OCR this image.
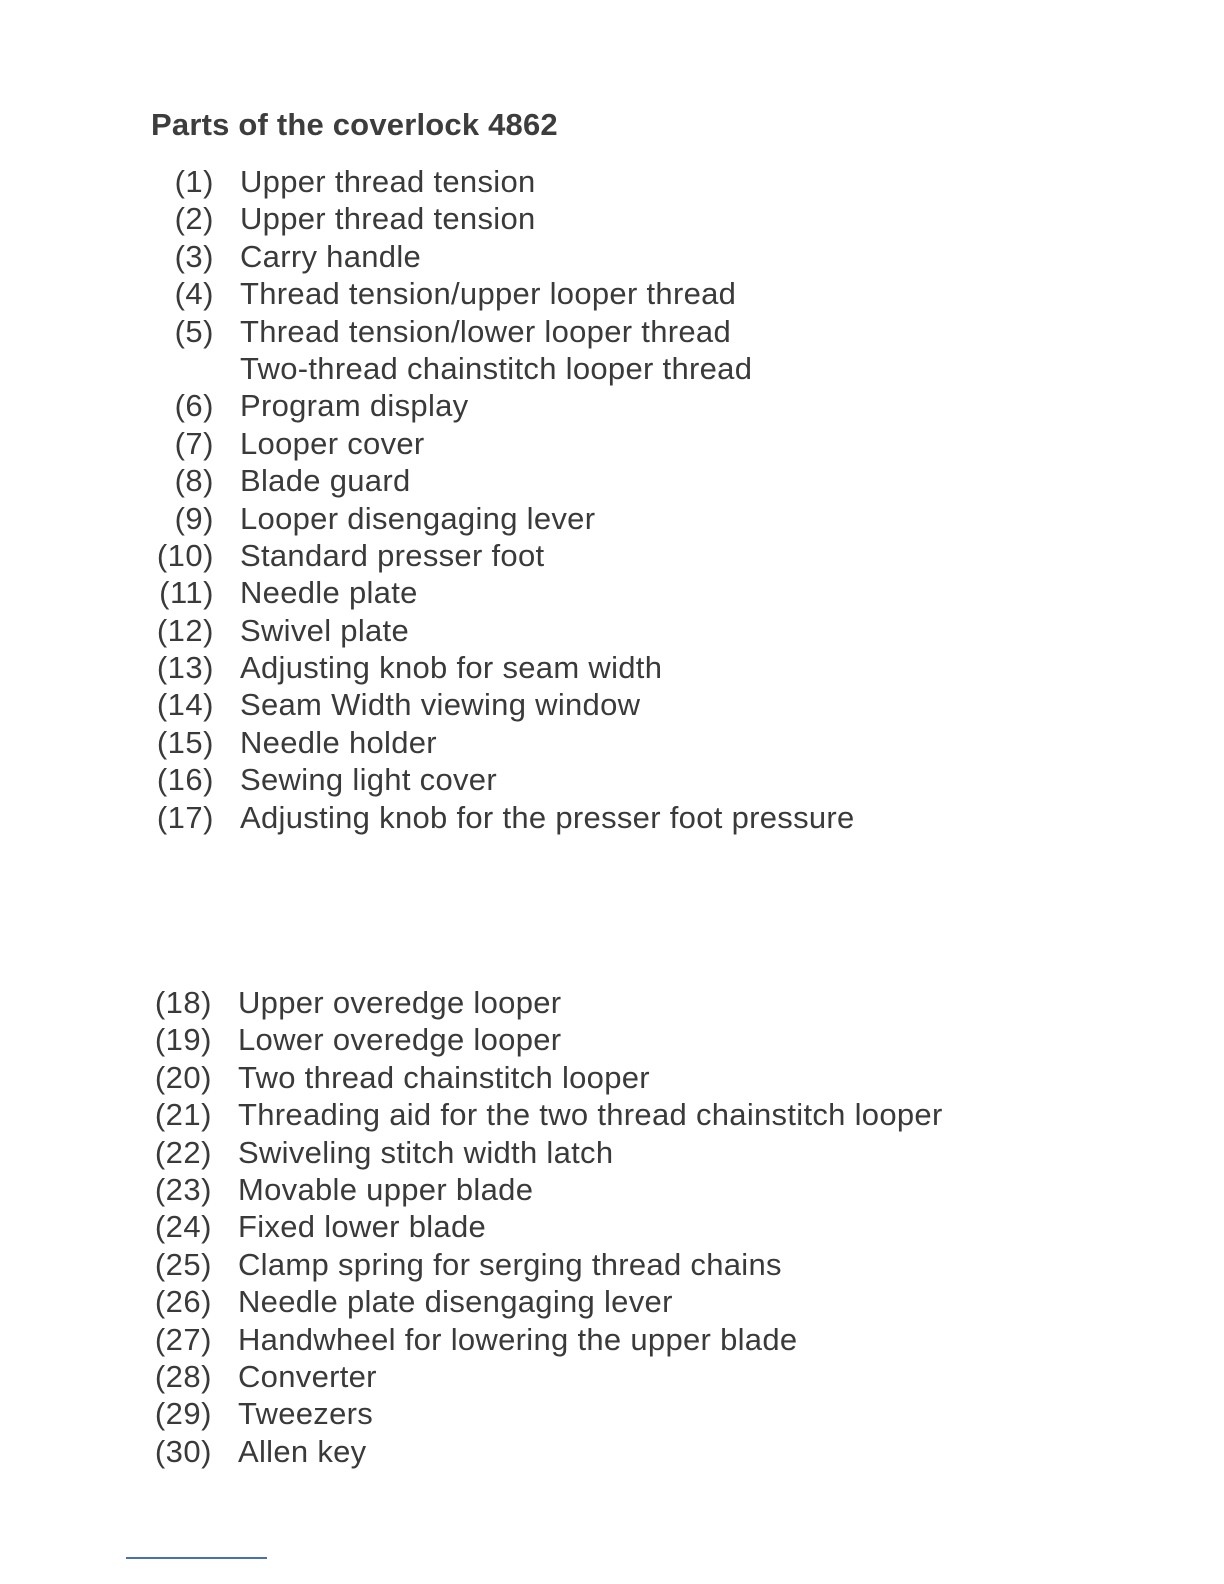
Parts of the coverlock 4862
(1) Upper thread tension
(2) Upper thread tension
(3) Carry handle
(4) Thread tension/upper looper thread
(5) Thread tension/lower looper thread
Two-thread chainstitch looper thread
(6) Program display
(7) Looper cover
(8) Blade guard
(9) Looper disengaging lever
(10) Standard presser foot
(11) Needle plate
(12) Swivel plate
(13) Adjusting knob for seam width
(14) Seam Width viewing window
(15) Needle holder
(16) Sewing light cover
(17) Adjusting knob for the presser foot pressure
(18) Upper overedge looper
(19) Lower overedge looper
(20) Two thread chainstitch looper
(21) Threading aid for the two thread chainstitch looper
(22) Swiveling stitch width latch
(23) Movable upper blade
(24) Fixed lower blade
(25) Clamp spring for serging thread chains
(26) Needle plate disengaging lever
(27) Handwheel for lowering the upper blade
(28) Converter
(29) Tweezers
(30) Allen key
